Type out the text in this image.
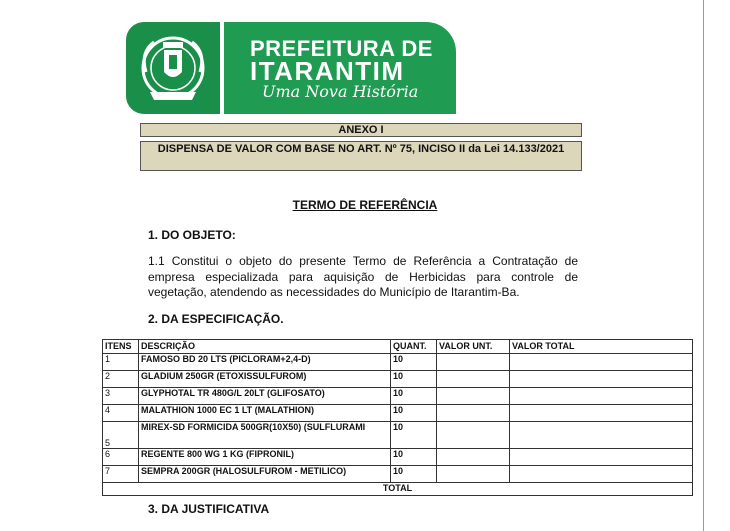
PREFEITURA DE
ITARANTIM
Uma Nova História
ANEXO I
DISPENSA DE VALOR COM BASE NO ART. Nº 75, INCISO II da Lei 14.133/2021
TERMO DE REFERÊNCIA
1. DO OBJETO:
1.1 Constitui o objeto do presente Termo de Referência a Contratação de empresa especializada para aquisição de Herbicidas para controle de vegetação, atendendo as necessidades do Município de Itarantim-Ba.
2. DA ESPECIFICAÇÃO.
ITENS	DESCRIÇÃO	QUANT.	VALOR UNT.	VALOR TOTAL
1	FAMOSO BD 20 LTS (PICLORAM+2,4-D)	10		
2	GLADIUM 250GR (ETOXISSULFUROM)	10		
3	GLYPHOTAL TR 480G/L 20LT (GLIFOSATO)	10		
4	MALATHION 1000 EC 1 LT (MALATHION)	10		
5	MIREX-SD FORMICIDA 500GR(10X50) (SULFLURAMI	10		
6	REGENTE 800 WG 1 KG (FIPRONIL)	10		
7	SEMPRA 200GR (HALOSULFUROM - METILICO)	10		
TOTAL				
3. DA JUSTIFICATIVA
